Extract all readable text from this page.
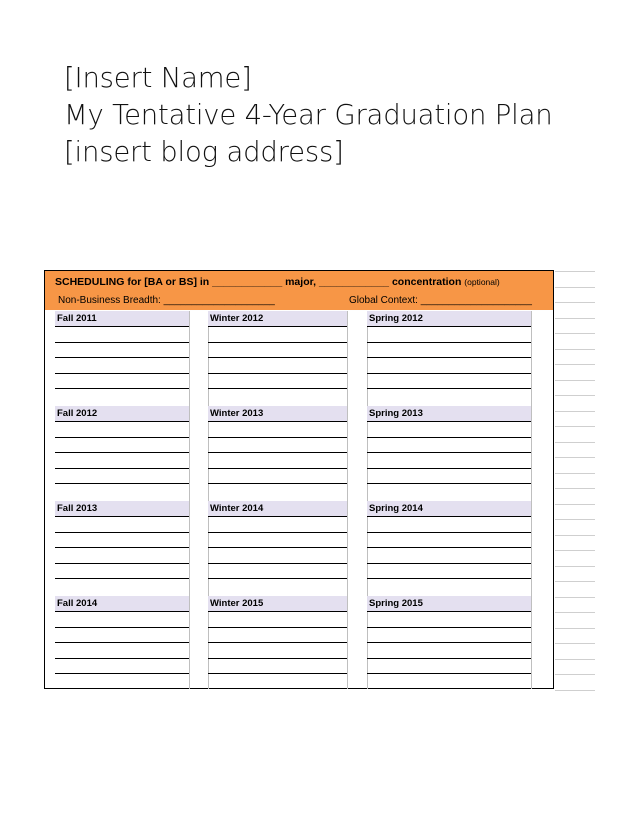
[Insert Name]
My Tentative 4-Year Graduation Plan
[insert blog address]
SCHEDULING for [BA or BS] in ____________ major, ____________ concentration (optional)
Non-Business Breadth: ____________________	Global Context: ____________________
Fall 2011	Winter 2012	Spring 2012
Fall 2012	Winter 2013	Spring 2013
Fall 2013	Winter 2014	Spring 2014
Fall 2014	Winter 2015	Spring 2015
